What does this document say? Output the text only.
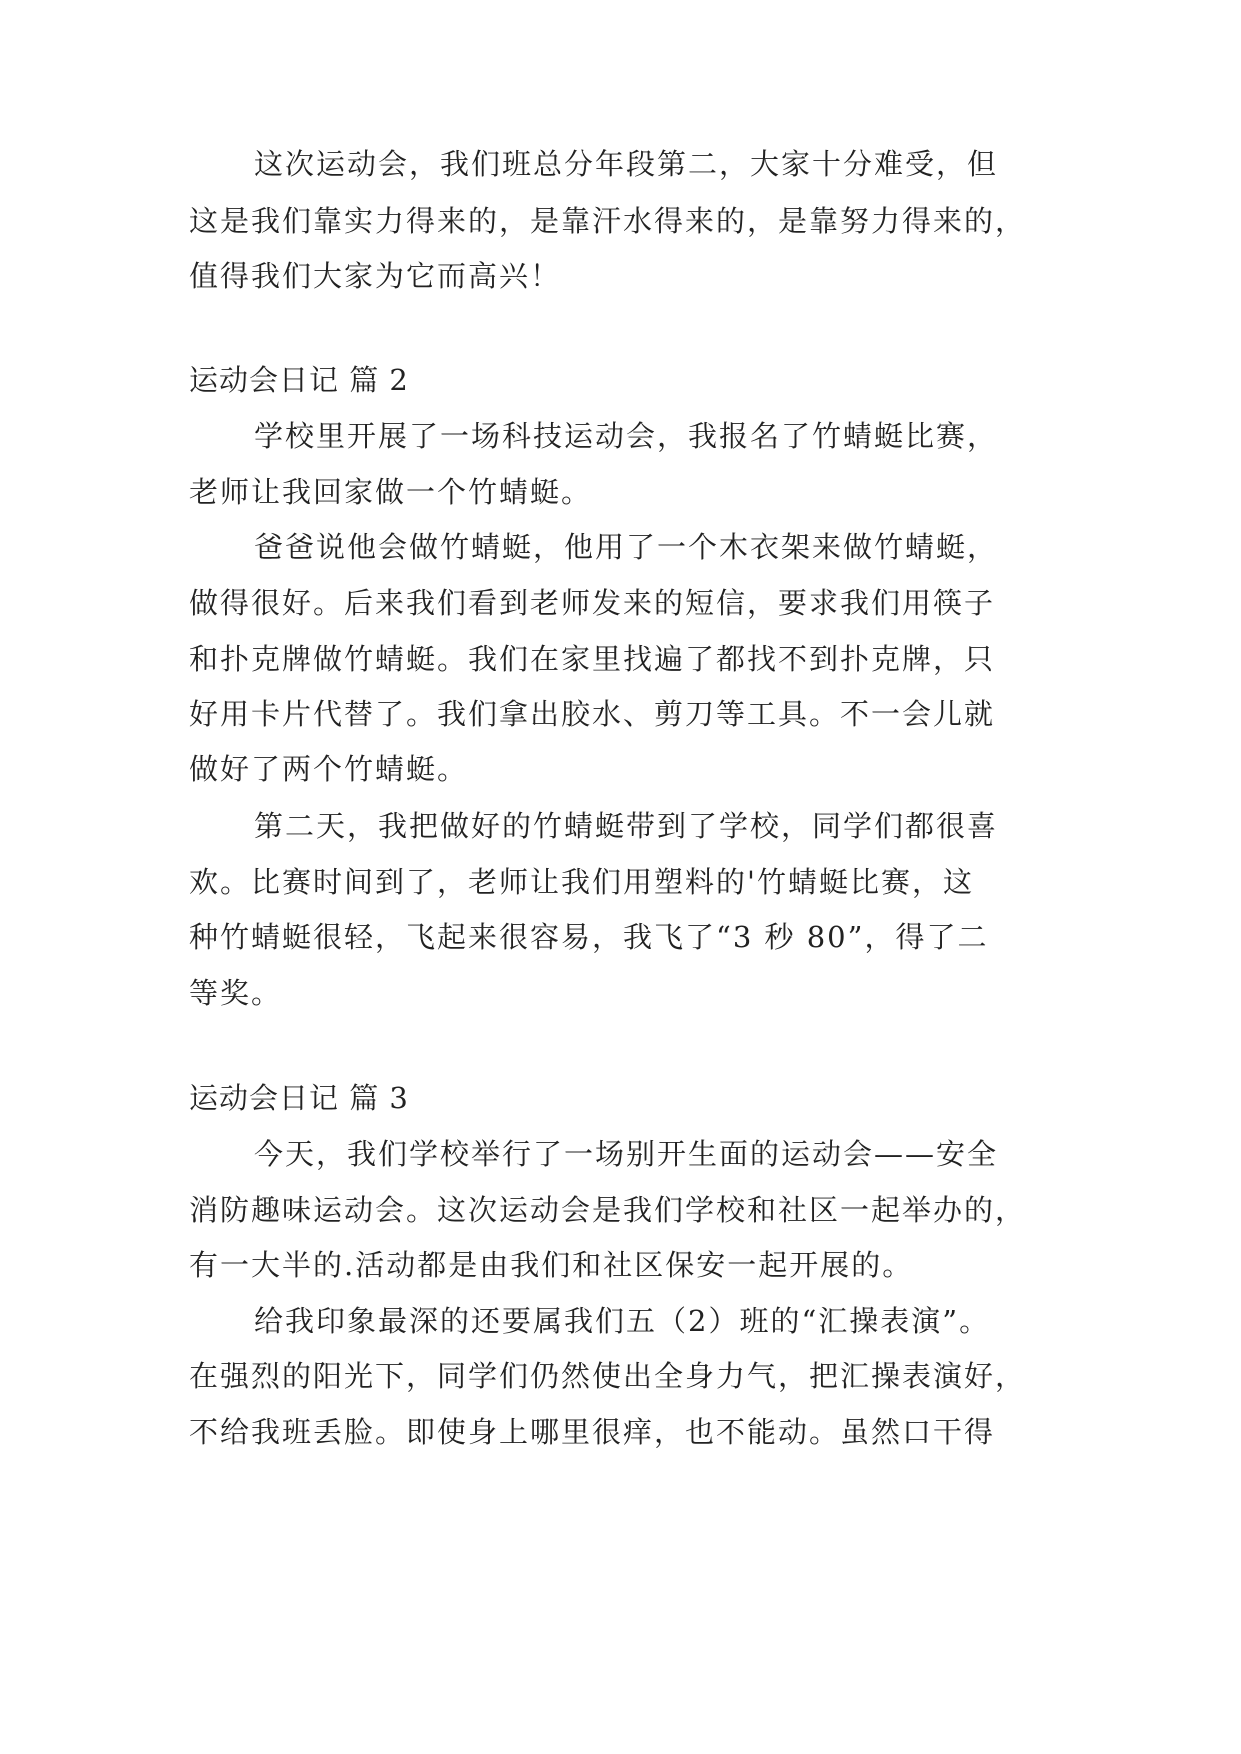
这次运动会，我们班总分年段第二，大家十分难受，但
这是我们靠实力得来的，是靠汗水得来的，是靠努力得来的，
值得我们大家为它而高兴！
运动会日记 篇 2
学校里开展了一场科技运动会，我报名了竹蜻蜓比赛，
老师让我回家做一个竹蜻蜓。
爸爸说他会做竹蜻蜓，他用了一个木衣架来做竹蜻蜓，
做得很好。后来我们看到老师发来的短信，要求我们用筷子
和扑克牌做竹蜻蜓。我们在家里找遍了都找不到扑克牌，只
好用卡片代替了。我们拿出胶水、剪刀等工具。不一会儿就
做好了两个竹蜻蜓。
第二天，我把做好的竹蜻蜓带到了学校，同学们都很喜
欢。比赛时间到了，老师让我们用塑料的'竹蜻蜓比赛，这
种竹蜻蜓很轻，飞起来很容易，我飞了“3 秒 80”，得了二
等奖。
运动会日记 篇 3
今天，我们学校举行了一场别开生面的运动会——安全
消防趣味运动会。这次运动会是我们学校和社区一起举办的，
有一大半的.活动都是由我们和社区保安一起开展的。
给我印象最深的还要属我们五（2）班的“汇操表演”。
在强烈的阳光下，同学们仍然使出全身力气，把汇操表演好，
不给我班丢脸。即使身上哪里很痒，也不能动。虽然口干得
